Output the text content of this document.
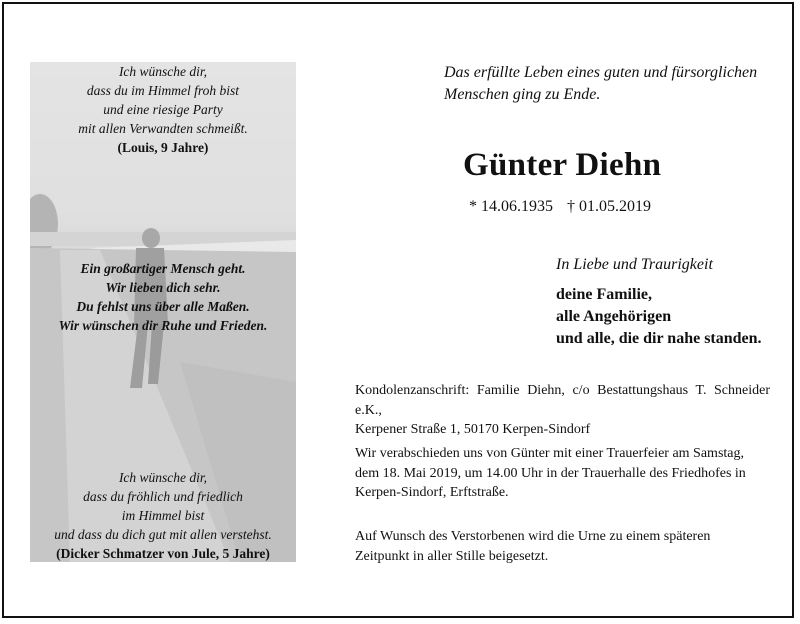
Ich wünsche dir,
dass du im Himmel froh bist
und eine riesige Party
mit allen Verwandten schmeißt.
(Louis, 9 Jahre)
Ein großartiger Mensch geht.
Wir lieben dich sehr.
Du fehlst uns über alle Maßen.
Wir wünschen dir Ruhe und Frieden.
Ich wünsche dir,
dass du fröhlich und friedlich
im Himmel bist
und dass du dich gut mit allen verstehst.
(Dicker Schmatzer von Jule, 5 Jahre)
Das erfüllte Leben eines guten und fürsorglichen
Menschen ging zu Ende.
Günter Diehn
* 14.06.1935 † 01.05.2019
In Liebe und Traurigkeit
deine Familie,
alle Angehörigen
und alle, die dir nahe standen.
Kondolenzanschrift: Familie Diehn, c/o Bestattungshaus T. Schneider e.K.,
Kerpener Straße 1, 50170 Kerpen-Sindorf
Wir verabschieden uns von Günter mit einer Trauerfeier am Samstag,
dem 18. Mai 2019, um 14.00 Uhr in der Trauerhalle des Friedhofes in
Kerpen-Sindorf, Erftstraße.
Auf Wunsch des Verstorbenen wird die Urne zu einem späteren
Zeitpunkt in aller Stille beigesetzt.
